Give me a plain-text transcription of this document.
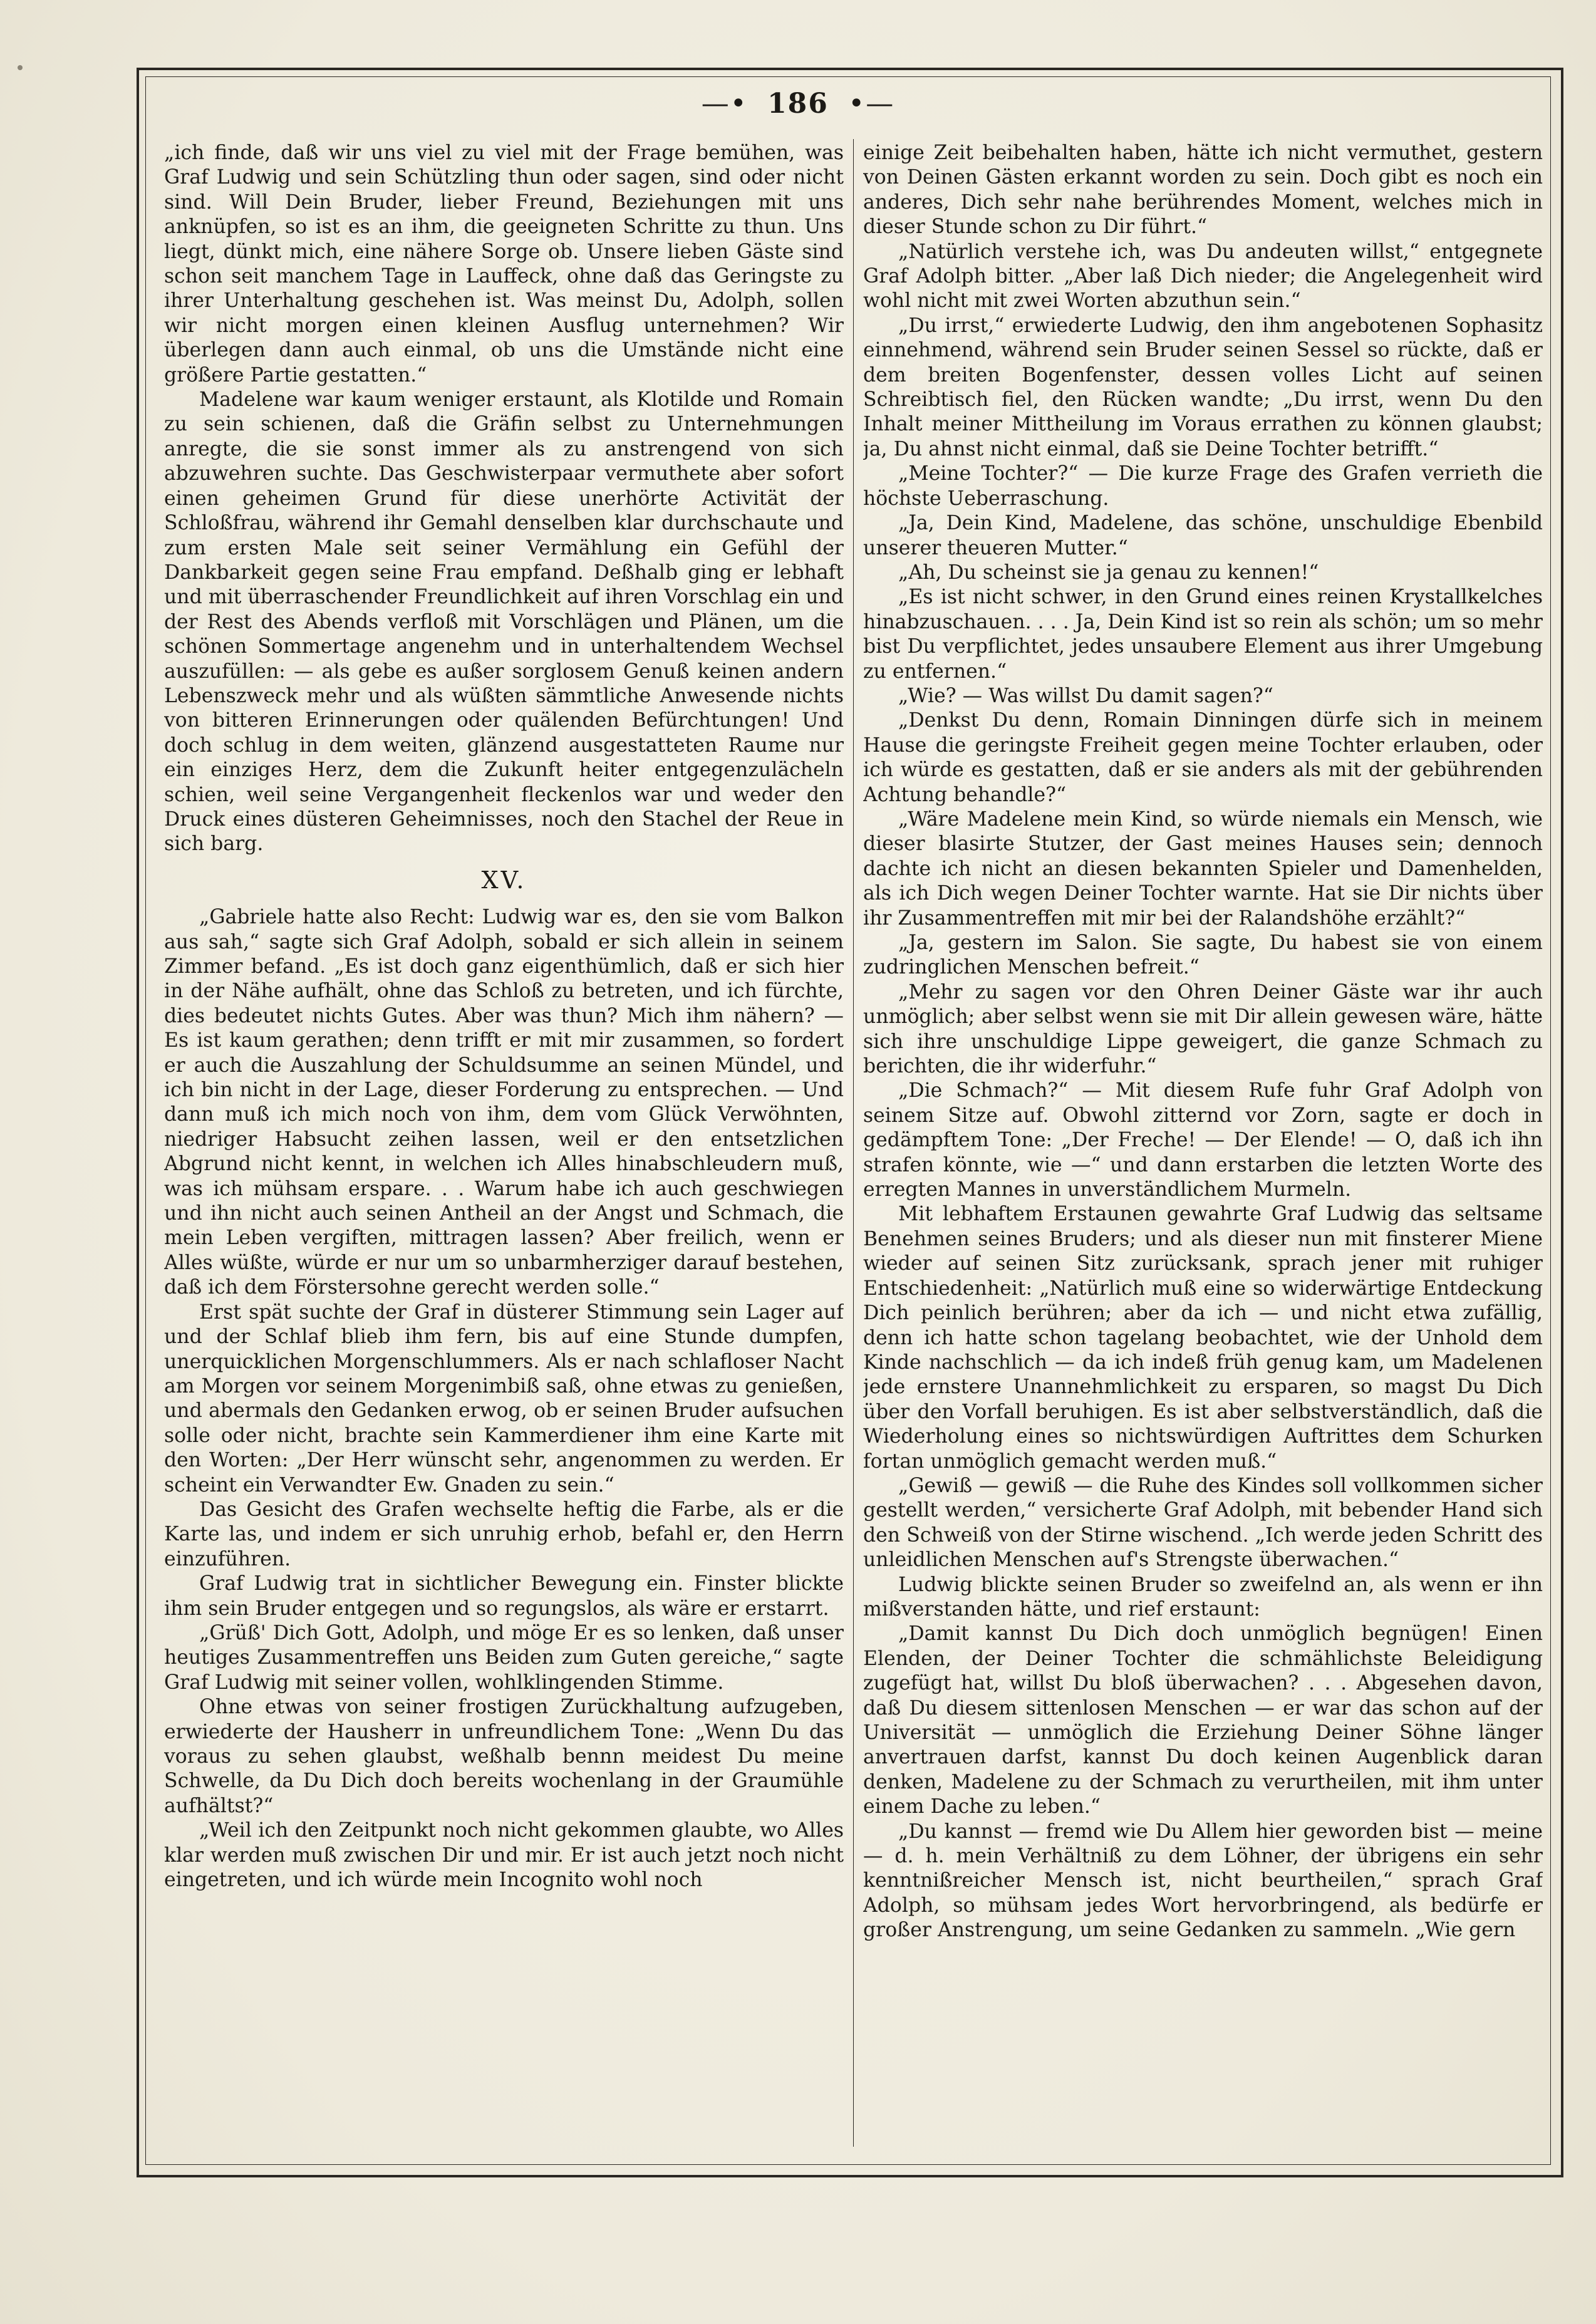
—• 186 •—

„ich finde, daß wir uns viel zu viel mit der Frage bemühen, was Graf Ludwig und sein Schützling thun oder sagen, sind oder nicht sind. Will Dein Bruder, lieber Freund, Beziehungen mit uns anknüpfen, so ist es an ihm, die geeigneten Schritte zu thun. Uns liegt, dünkt mich, eine nähere Sorge ob. Unsere lieben Gäste sind schon seit manchem Tage in Lauffeck, ohne daß das Geringste zu ihrer Unterhaltung geschehen ist. Was meinst Du, Adolph, sollen wir nicht morgen einen kleinen Ausflug unternehmen? Wir überlegen dann auch einmal, ob uns die Umstände nicht eine größere Partie gestatten.“

Madelene war kaum weniger erstaunt, als Klotilde und Romain zu sein schienen, daß die Gräfin selbst zu Unternehmungen anregte, die sie sonst immer als zu anstrengend von sich abzuwehren suchte. Das Geschwisterpaar vermuthete aber sofort einen geheimen Grund für diese unerhörte Activität der Schloßfrau, während ihr Gemahl denselben klar durchschaute und zum ersten Male seit seiner Vermählung ein Gefühl der Dankbarkeit gegen seine Frau empfand. Deßhalb ging er lebhaft und mit überraschender Freundlichkeit auf ihren Vorschlag ein und der Rest des Abends verfloß mit Vorschlägen und Plänen, um die schönen Sommertage angenehm und in unterhaltendem Wechsel auszufüllen: — als gebe es außer sorglosem Genuß keinen andern Lebenszweck mehr und als wüßten sämmtliche Anwesende nichts von bitteren Erinnerungen oder quälenden Befürchtungen! Und doch schlug in dem weiten, glänzend ausgestatteten Raume nur ein einziges Herz, dem die Zukunft heiter entgegenzulächeln schien, weil seine Vergangenheit fleckenlos war und weder den Druck eines düsteren Geheimnisses, noch den Stachel der Reue in sich barg.

XV.

„Gabriele hatte also Recht: Ludwig war es, den sie vom Balkon aus sah,“ sagte sich Graf Adolph, sobald er sich allein in seinem Zimmer befand. „Es ist doch ganz eigenthümlich, daß er sich hier in der Nähe aufhält, ohne das Schloß zu betreten, und ich fürchte, dies bedeutet nichts Gutes. Aber was thun? Mich ihm nähern? — Es ist kaum gerathen; denn trifft er mit mir zusammen, so fordert er auch die Auszahlung der Schuldsumme an seinen Mündel, und ich bin nicht in der Lage, dieser Forderung zu entsprechen. — Und dann muß ich mich noch von ihm, dem vom Glück Verwöhnten, niedriger Habsucht zeihen lassen, weil er den entsetzlichen Abgrund nicht kennt, in welchen ich Alles hinabschleudern muß, was ich mühsam erspare. . . Warum habe ich auch geschwiegen und ihn nicht auch seinen Antheil an der Angst und Schmach, die mein Leben vergiften, mittragen lassen? Aber freilich, wenn er Alles wüßte, würde er nur um so unbarmherziger darauf bestehen, daß ich dem Förstersohne gerecht werden solle.“

Erst spät suchte der Graf in düsterer Stimmung sein Lager auf und der Schlaf blieb ihm fern, bis auf eine Stunde dumpfen, unerquicklichen Morgenschlummers. Als er nach schlafloser Nacht am Morgen vor seinem Morgenimbiß saß, ohne etwas zu genießen, und abermals den Gedanken erwog, ob er seinen Bruder aufsuchen solle oder nicht, brachte sein Kammerdiener ihm eine Karte mit den Worten: „Der Herr wünscht sehr, angenommen zu werden. Er scheint ein Verwandter Ew. Gnaden zu sein.“

Das Gesicht des Grafen wechselte heftig die Farbe, als er die Karte las, und indem er sich unruhig erhob, befahl er, den Herrn einzuführen.

Graf Ludwig trat in sichtlicher Bewegung ein. Finster blickte ihm sein Bruder entgegen und so regungslos, als wäre er erstarrt.

„Grüß' Dich Gott, Adolph, und möge Er es so lenken, daß unser heutiges Zusammentreffen uns Beiden zum Guten gereiche,“ sagte Graf Ludwig mit seiner vollen, wohlklingenden Stimme.

Ohne etwas von seiner frostigen Zurückhaltung aufzugeben, erwiederte der Hausherr in unfreundlichem Tone: „Wenn Du das voraus zu sehen glaubst, weßhalb bennn meidest Du meine Schwelle, da Du Dich doch bereits wochenlang in der Graumühle aufhältst?“

„Weil ich den Zeitpunkt noch nicht gekommen glaubte, wo Alles klar werden muß zwischen Dir und mir. Er ist auch jetzt noch nicht eingetreten, und ich würde mein Incognito wohl noch

einige Zeit beibehalten haben, hätte ich nicht vermuthet, gestern von Deinen Gästen erkannt worden zu sein. Doch gibt es noch ein anderes, Dich sehr nahe berührendes Moment, welches mich in dieser Stunde schon zu Dir führt.“

„Natürlich verstehe ich, was Du andeuten willst,“ entgegnete Graf Adolph bitter. „Aber laß Dich nieder; die Angelegenheit wird wohl nicht mit zwei Worten abzuthun sein.“

„Du irrst,“ erwiederte Ludwig, den ihm angebotenen Sophasitz einnehmend, während sein Bruder seinen Sessel so rückte, daß er dem breiten Bogenfenster, dessen volles Licht auf seinen Schreibtisch fiel, den Rücken wandte; „Du irrst, wenn Du den Inhalt meiner Mittheilung im Voraus errathen zu können glaubst; ja, Du ahnst nicht einmal, daß sie Deine Tochter betrifft.“

„Meine Tochter?“ — Die kurze Frage des Grafen verrieth die höchste Ueberraschung.

„Ja, Dein Kind, Madelene, das schöne, unschuldige Ebenbild unserer theueren Mutter.“

„Ah, Du scheinst sie ja genau zu kennen!“

„Es ist nicht schwer, in den Grund eines reinen Krystallkelches hinabzuschauen. . . . Ja, Dein Kind ist so rein als schön; um so mehr bist Du verpflichtet, jedes unsaubere Element aus ihrer Umgebung zu entfernen.“

„Wie? — Was willst Du damit sagen?“

„Denkst Du denn, Romain Dinningen dürfe sich in meinem Hause die geringste Freiheit gegen meine Tochter erlauben, oder ich würde es gestatten, daß er sie anders als mit der gebührenden Achtung behandle?“

„Wäre Madelene mein Kind, so würde niemals ein Mensch, wie dieser blasirte Stutzer, der Gast meines Hauses sein; dennoch dachte ich nicht an diesen bekannten Spieler und Damenhelden, als ich Dich wegen Deiner Tochter warnte. Hat sie Dir nichts über ihr Zusammentreffen mit mir bei der Ralandshöhe erzählt?“

„Ja, gestern im Salon. Sie sagte, Du habest sie von einem zudringlichen Menschen befreit.“

„Mehr zu sagen vor den Ohren Deiner Gäste war ihr auch unmöglich; aber selbst wenn sie mit Dir allein gewesen wäre, hätte sich ihre unschuldige Lippe geweigert, die ganze Schmach zu berichten, die ihr widerfuhr.“

„Die Schmach?“ — Mit diesem Rufe fuhr Graf Adolph von seinem Sitze auf. Obwohl zitternd vor Zorn, sagte er doch in gedämpftem Tone: „Der Freche! — Der Elende! — O, daß ich ihn strafen könnte, wie —“ und dann erstarben die letzten Worte des erregten Mannes in unverständlichem Murmeln.

Mit lebhaftem Erstaunen gewahrte Graf Ludwig das seltsame Benehmen seines Bruders; und als dieser nun mit finsterer Miene wieder auf seinen Sitz zurücksank, sprach jener mit ruhiger Entschiedenheit: „Natürlich muß eine so widerwärtige Entdeckung Dich peinlich berühren; aber da ich — und nicht etwa zufällig, denn ich hatte schon tagelang beobachtet, wie der Unhold dem Kinde nachschlich — da ich indeß früh genug kam, um Madelenen jede ernstere Unannehmlichkeit zu ersparen, so magst Du Dich über den Vorfall beruhigen. Es ist aber selbstverständlich, daß die Wiederholung eines so nichtswürdigen Auftrittes dem Schurken fortan unmöglich gemacht werden muß.“

„Gewiß — gewiß — die Ruhe des Kindes soll vollkommen sicher gestellt werden,“ versicherte Graf Adolph, mit bebender Hand sich den Schweiß von der Stirne wischend. „Ich werde jeden Schritt des unleidlichen Menschen auf's Strengste überwachen.“

Ludwig blickte seinen Bruder so zweifelnd an, als wenn er ihn mißverstanden hätte, und rief erstaunt:

„Damit kannst Du Dich doch unmöglich begnügen! Einen Elenden, der Deiner Tochter die schmählichste Beleidigung zugefügt hat, willst Du bloß überwachen? . . . Abgesehen davon, daß Du diesem sittenlosen Menschen — er war das schon auf der Universität — unmöglich die Erziehung Deiner Söhne länger anvertrauen darfst, kannst Du doch keinen Augenblick daran denken, Madelene zu der Schmach zu verurtheilen, mit ihm unter einem Dache zu leben.“

„Du kannst — fremd wie Du Allem hier geworden bist — meine — d. h. mein Verhältniß zu dem Löhner, der übrigens ein sehr kenntnißreicher Mensch ist, nicht beurtheilen,“ sprach Graf Adolph, so mühsam jedes Wort hervorbringend, als bedürfe er großer Anstrengung, um seine Gedanken zu sammeln. „Wie gern
